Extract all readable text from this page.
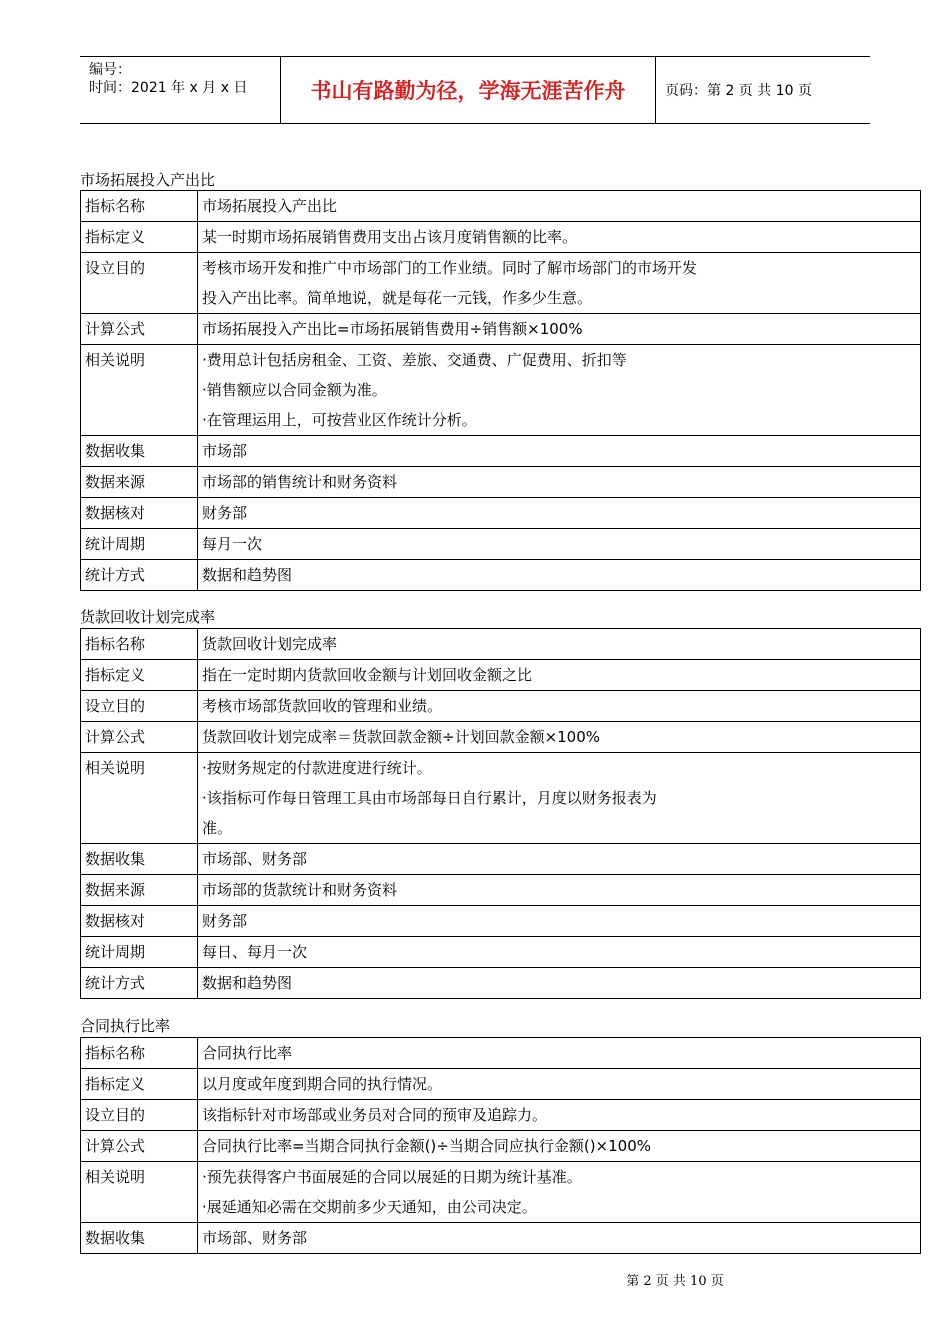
编号：
时间：2021 年 x 月 x 日	书山有路勤为径，学海无涯苦作舟	页码：第 2 页 共 10 页
市场拓展投入产出比
指标名称	市场拓展投入产出比

指标定义	某一时期市场拓展销售费用支出占该月度销售额的比率。

设立目的	考核市场开发和推广中市场部门的工作业绩。同时了解市场部门的市场开发
投入产出比率。简单地说，就是每花一元钱，作多少生意。

计算公式	市场拓展投入产出比=市场拓展销售费用÷销售额×100%

相关说明	·费用总计包括房租金、工资、差旅、交通费、广促费用、折扣等
·销售额应以合同金额为准。
·在管理运用上，可按营业区作统计分析。

数据收集	市场部

数据来源	市场部的销售统计和财务资料

数据核对	财务部

统计周期	每月一次

统计方式	数据和趋势图
货款回收计划完成率
指标名称	货款回收计划完成率

指标定义	指在一定时期内货款回收金额与计划回收金额之比

设立目的	考核市场部货款回收的管理和业绩。

计算公式	货款回收计划完成率＝货款回款金额÷计划回款金额×100%

相关说明	·按财务规定的付款进度进行统计。
·该指标可作每日管理工具由市场部每日自行累计，月度以财务报表为
准。

数据收集	市场部、财务部

数据来源	市场部的货款统计和财务资料

数据核对	财务部

统计周期	每日、每月一次

统计方式	数据和趋势图
合同执行比率
指标名称	合同执行比率

指标定义	以月度或年度到期合同的执行情况。

设立目的	该指标针对市场部或业务员对合同的预审及追踪力。

计算公式	合同执行比率=当期合同执行金额()÷当期合同应执行金额()×100%

相关说明	·预先获得客户书面展延的合同以展延的日期为统计基准。
·展延通知必需在交期前多少天通知，由公司决定。

数据收集	市场部、财务部
第 2 页 共 10 页
